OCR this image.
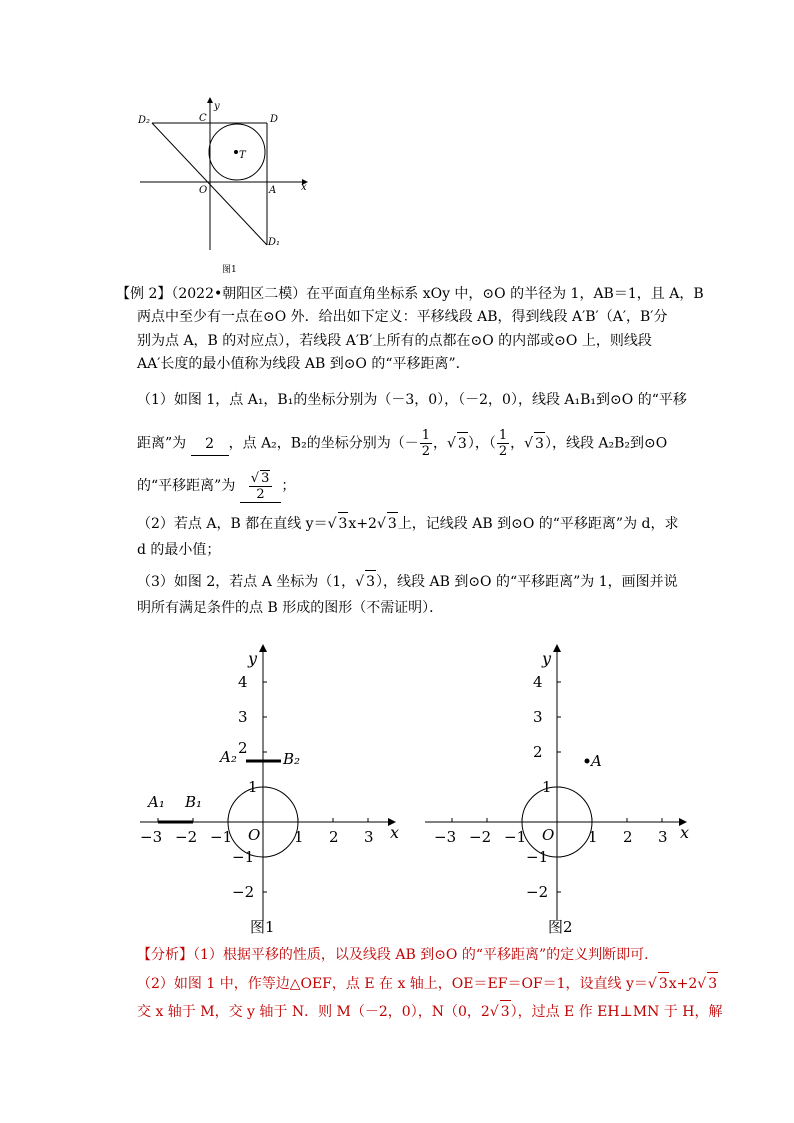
D₂	C	D
y
T
O	A x
D₁
图1
【例 2】（2022•朝阳区二模）在平面直角坐标系 xOy 中，⊙O 的半径为 1，AB＝1，且 A，B
两点中至少有一点在⊙O 外．给出如下定义：平移线段 AB，得到线段 A′B′（A′，B′分
别为点 A，B 的对应点），若线段 A′B′上所有的点都在⊙O 的内部或⊙O 上，则线段
AA′长度的最小值称为线段 AB 到⊙O 的“平移距离”．
（1）如图 1，点 A₁，B₁的坐标分别为（－3，0），（－2，0），线段 A₁B₁到⊙O 的“平移
距离”为 2 ，点 A₂，B₂的坐标分别为（－ $\frac{1}{2}$ ，√ 3），（ $\frac{1}{2}$ ，√ 3），线段 A₂B₂到⊙O
的“平移距离”为 $\frac{√ 3}{2}$ ；
（2）若点 A，B 都在直线 y＝√ 3x+2√ 3上，记线段 AB 到⊙O 的“平移距离”为 d，求
d 的最小值；
（3）如图 2，若点 A 坐标为（1，√ 3），线段 AB 到⊙O 的“平移距离”为 1，画图并说
明所有满足条件的点 B 形成的图形（不需证明）．
−3 −2 −1	1 2 3
4
3
2
1
−1
−2
O	x
y
A₁ B₁
A₂	B₂
图1
A
−3 −2 −1	1 2 3
4
3
2
1
−1
−2
O	x
y
图2
【分析】（1）根据平移的性质，以及线段 AB 到⊙O 的“平移距离”的定义判断即可．
（2）如图 1 中，作等边△OEF，点 E 在 x 轴上，OE＝EF＝OF＝1，设直线 y＝√ 3x+2√ 3
交 x 轴于 M，交 y 轴于 N．则 M（－2，0），N（0，2√ 3），过点 E 作 EH⊥MN 于 H，解
